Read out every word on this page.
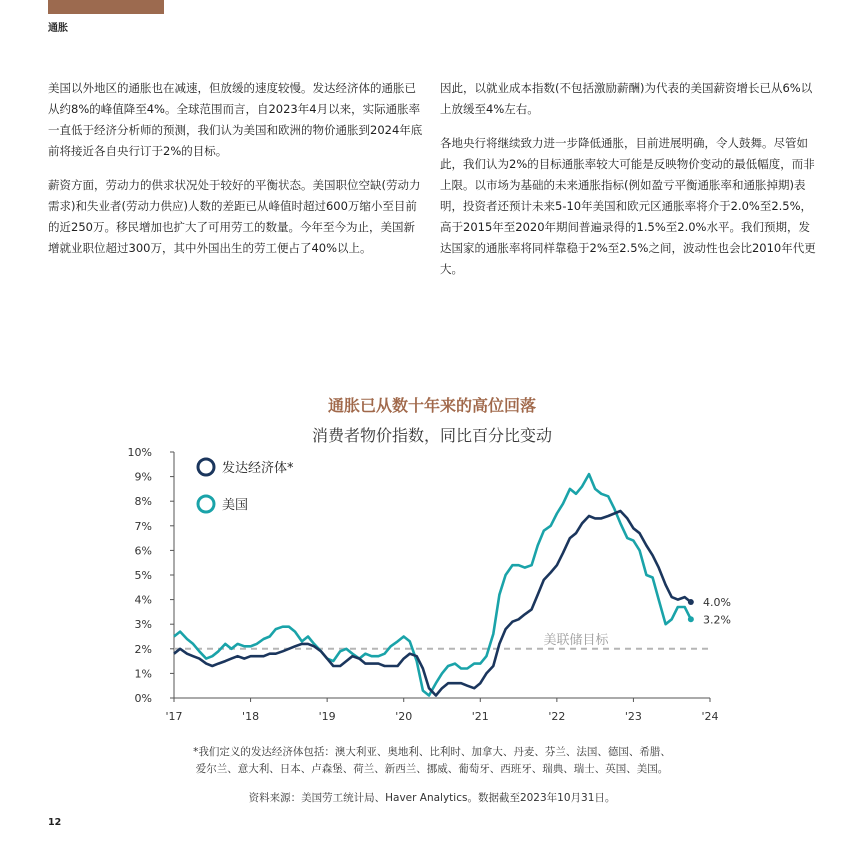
通胀

美国以外地区的通胀也在减速，但放缓的速度较慢。发达经济体的通胀已从约8%的峰值降至4%。全球范围而言，自2023年4月以来，实际通胀率一直低于经济分析师的预测，我们认为美国和欧洲的物价通胀到2024年底前将接近各自央行订于2%的目标。

薪资方面，劳动力的供求状况处于较好的平衡状态。美国职位空缺(劳动力需求)和失业者(劳动力供应)人数的差距已从峰值时超过600万缩小至目前的近250万。移民增加也扩大了可用劳工的数量。今年至今为止，美国新增就业职位超过300万，其中外国出生的劳工便占了40%以上。

因此，以就业成本指数(不包括激励薪酬)为代表的美国薪资增长已从6%以上放缓至4%左右。

各地央行将继续致力进一步降低通胀，目前进展明确，令人鼓舞。尽管如此，我们认为2%的目标通胀率较大可能是反映物价变动的最低幅度，而非上限。以市场为基础的未来通胀指标(例如盈亏平衡通胀率和通胀掉期)表明，投资者还预计未来5-10年美国和欧元区通胀率将介于2.0%至2.5%，高于2015年至2020年期间普遍录得的1.5%至2.0%水平。我们预期，发达国家的通胀率将同样靠稳于2%至2.5%之间，波动性也会比2010年代更大。

通胀已从数十年来的高位回落
消费者物价指数，同比百分比变动
0%
1%
2%
3%
4%
5%
6%
7%
8%
9%
10%
'17	'18	'19	'20	'21	'22	'23	'24
美联储目标
4.0%
3.2%
发达经济体*
美国
*我们定义的发达经济体包括：澳大利亚、奥地利、比利时、加拿大、丹麦、芬兰、法国、德国、希腊、
爱尔兰、意大利、日本、卢森堡、荷兰、新西兰、挪威、葡萄牙、西班牙、瑞典、瑞士、英国、美国。
资料来源：美国劳工统计局、Haver Analytics。数据截至2023年10月31日。
12
